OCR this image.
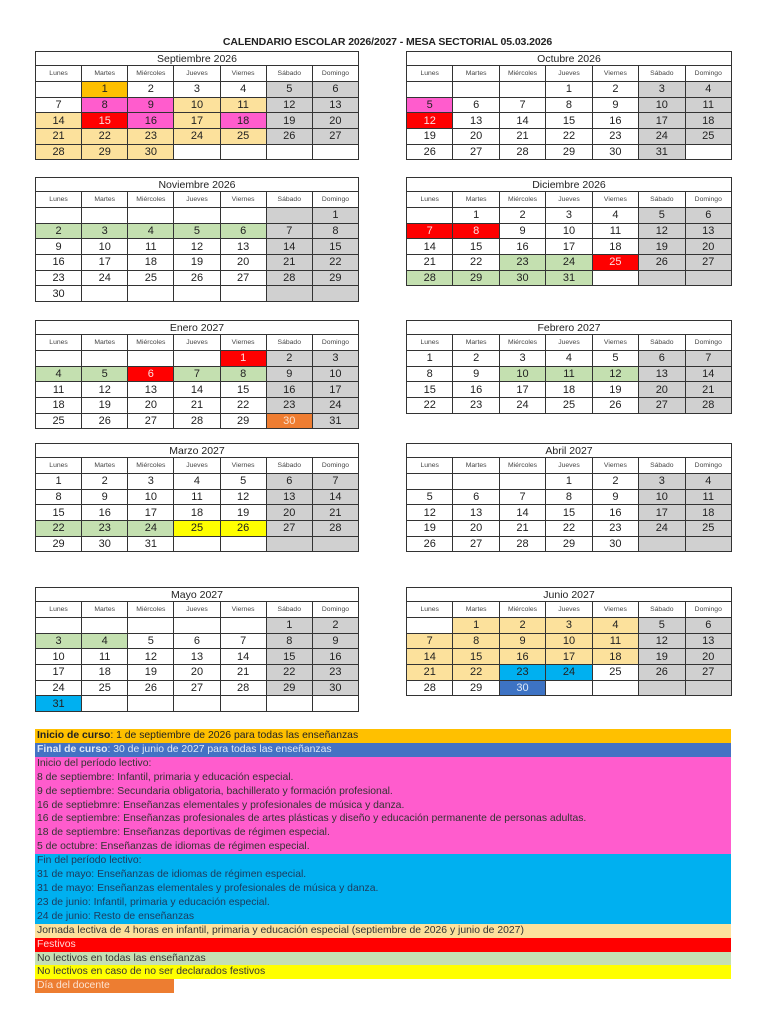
CALENDARIO ESCOLAR 2026/2027 - MESA SECTORIAL 05.03.2026
Septiembre 2026						
Lunes	Martes	Miércoles	Jueves	Viernes	Sábado	Domingo
	1	2	3	4	5	6
7	8	9	10	11	12	13
14	15	16	17	18	19	20
21	22	23	24	25	26	27
28	29	30				
Octubre 2026						
Lunes	Martes	Miércoles	Jueves	Viernes	Sábado	Domingo
			1	2	3	4
5	6	7	8	9	10	11
12	13	14	15	16	17	18
19	20	21	22	23	24	25
26	27	28	29	30	31	
Noviembre 2026						
Lunes	Martes	Miércoles	Jueves	Viernes	Sábado	Domingo
						1
2	3	4	5	6	7	8
9	10	11	12	13	14	15
16	17	18	19	20	21	22
23	24	25	26	27	28	29
30						
Diciembre 2026						
Lunes	Martes	Miércoles	Jueves	Viernes	Sábado	Domingo
	1	2	3	4	5	6
7	8	9	10	11	12	13
14	15	16	17	18	19	20
21	22	23	24	25	26	27
28	29	30	31			
Enero 2027						
Lunes	Martes	Miércoles	Jueves	Viernes	Sábado	Domingo
				1	2	3
4	5	6	7	8	9	10
11	12	13	14	15	16	17
18	19	20	21	22	23	24
25	26	27	28	29	30	31
Febrero 2027						
Lunes	Martes	Miércoles	Jueves	Viernes	Sábado	Domingo
1	2	3	4	5	6	7
8	9	10	11	12	13	14
15	16	17	18	19	20	21
22	23	24	25	26	27	28
Marzo 2027						
Lunes	Martes	Miércoles	Jueves	Viernes	Sábado	Domingo
1	2	3	4	5	6	7
8	9	10	11	12	13	14
15	16	17	18	19	20	21
22	23	24	25	26	27	28
29	30	31				
Abril 2027						
Lunes	Martes	Miércoles	Jueves	Viernes	Sábado	Domingo
			1	2	3	4
5	6	7	8	9	10	11
12	13	14	15	16	17	18
19	20	21	22	23	24	25
26	27	28	29	30		
Mayo 2027						
Lunes	Martes	Miércoles	Jueves	Viernes	Sábado	Domingo
					1	2
3	4	5	6	7	8	9
10	11	12	13	14	15	16
17	18	19	20	21	22	23
24	25	26	27	28	29	30
31						
Junio 2027						
Lunes	Martes	Miércoles	Jueves	Viernes	Sábado	Domingo
	1	2	3	4	5	6
7	8	9	10	11	12	13
14	15	16	17	18	19	20
21	22	23	24	25	26	27
28	29	30				
Inicio de curso: 1 de septiembre de 2026 para todas las enseñanzas
Final de curso: 30 de junio de 2027 para todas las enseñanzas
Inicio del período lectivo:
8 de septiembre: Infantil, primaria y educación especial.
9 de septiembre: Secundaria obligatoria, bachillerato y formación profesional.
16 de septiebmre: Enseñanzas elementales y profesionales de música y danza.
16 de septiembre: Enseñanzas profesionales de artes plásticas y diseño y educación permanente de personas adultas.
18 de septiembre: Enseñanzas deportivas de régimen especial.
5 de octubre: Enseñanzas de idiomas de régimen especial.
Fin del período lectivo:
31 de mayo: Enseñanzas de idiomas de régimen especial.
31 de mayo: Enseñanzas elementales y profesionales de música y danza.
23 de junio: Infantil, primaria y educación especial.
24 de junio: Resto de enseñanzas
Jornada lectiva de 4 horas en infantil, primaria y educación especial (septiembre de 2026 y junio de 2027)
Festivos
No lectivos en todas las enseñanzas
No lectivos en caso de no ser declarados festivos
Día del docente
